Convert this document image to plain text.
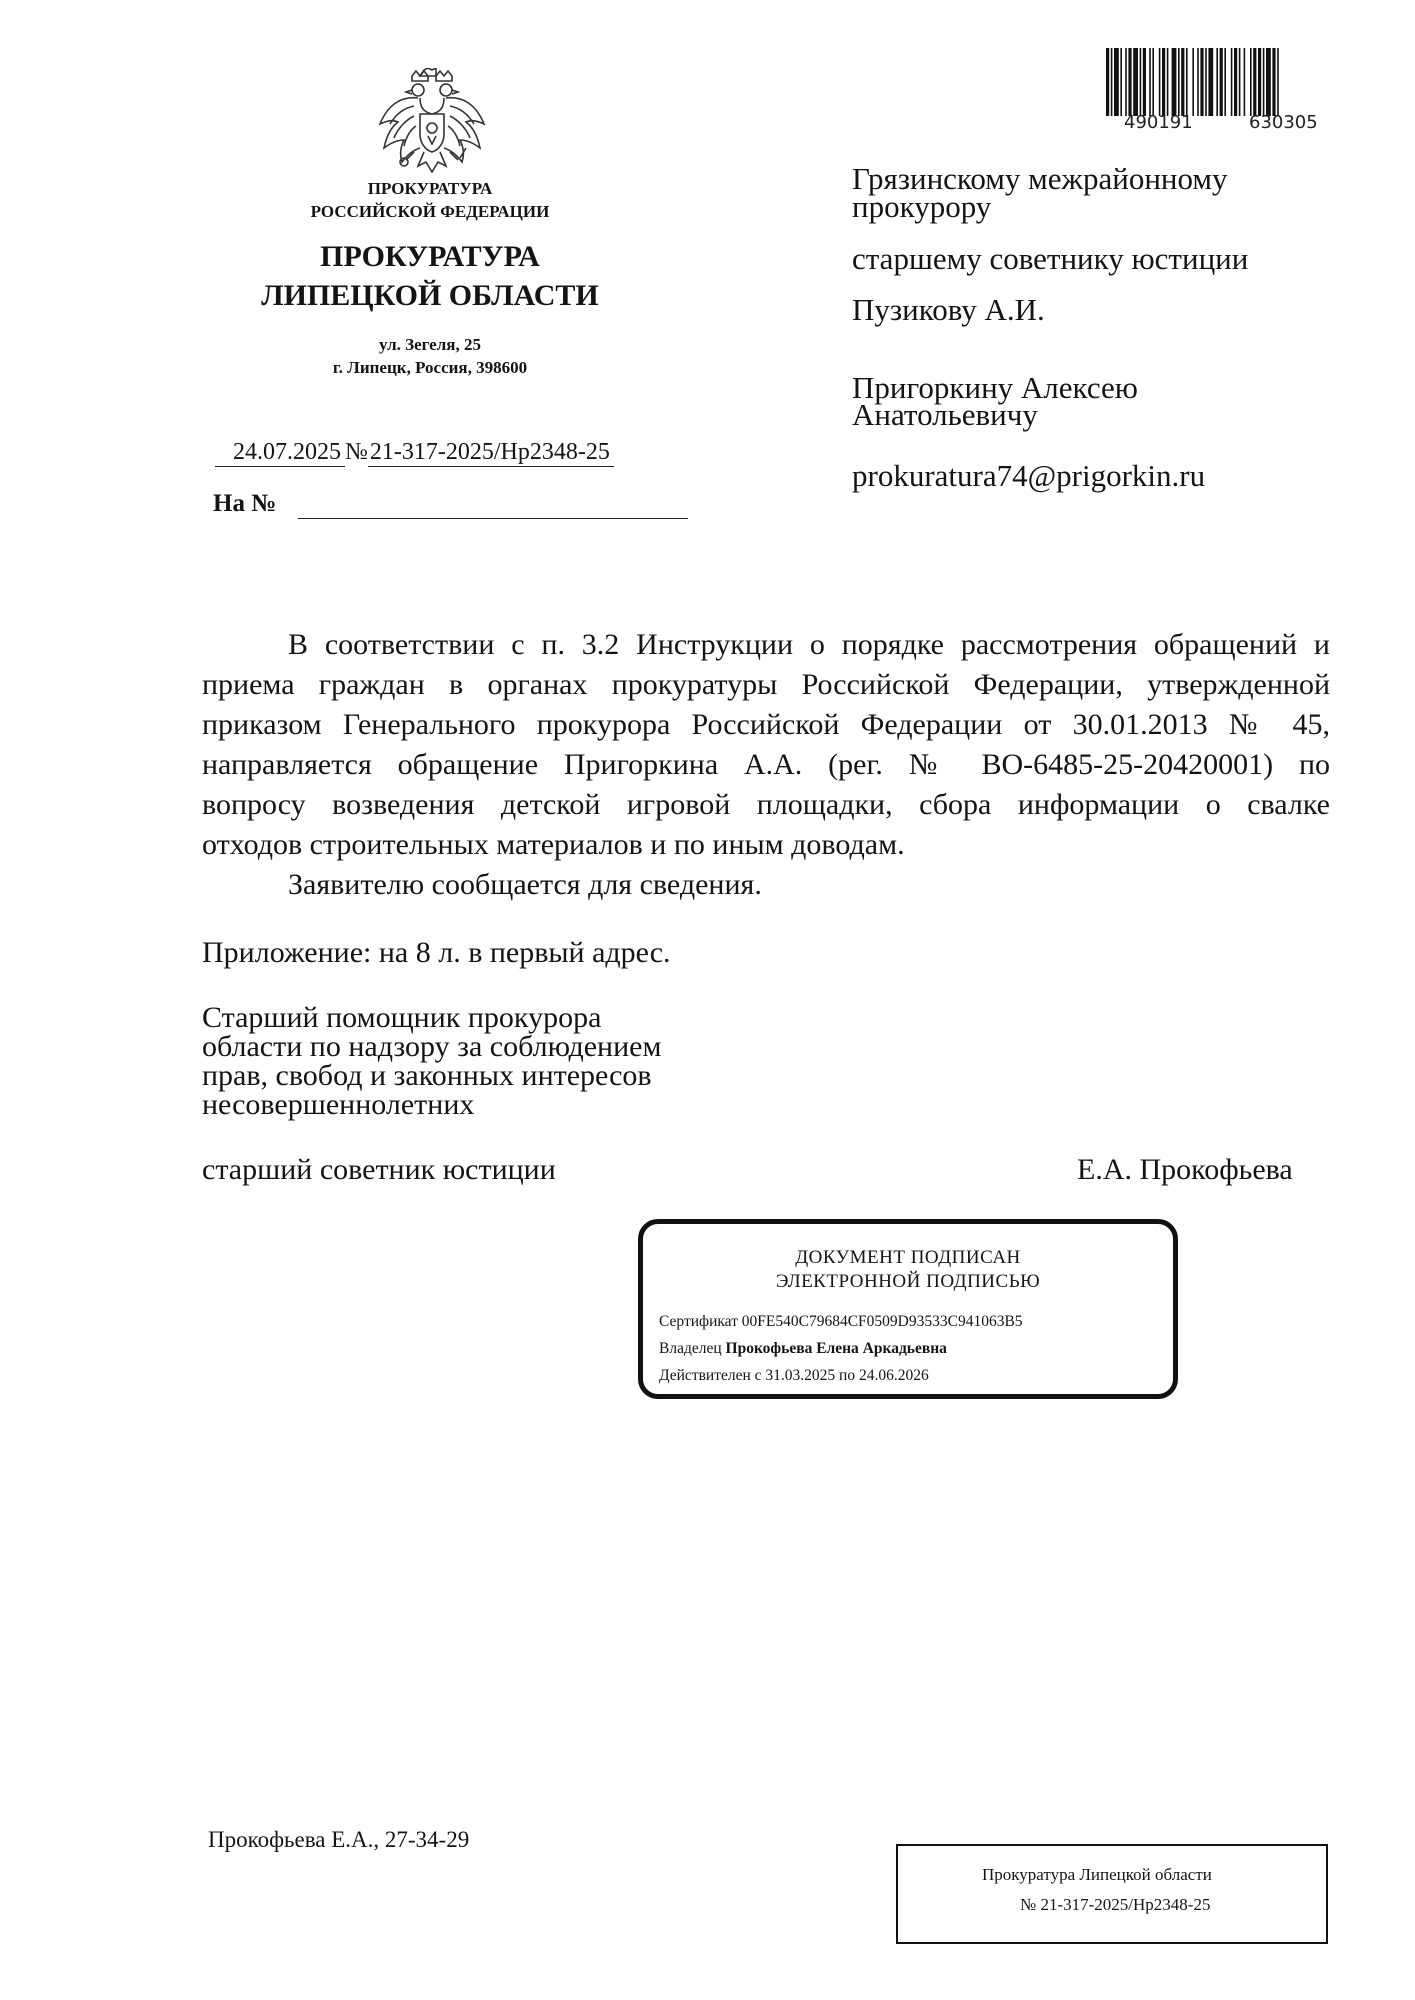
ПРОКУРАТУРА
РОССИЙСКОЙ ФЕДЕРАЦИИ
ПРОКУРАТУРА
ЛИПЕЦКОЙ ОБЛАСТИ
ул. Зегеля, 25
г. Липецк, Россия, 398600
24.07.2025 №21-317-2025/Нр2348-25
На №
490191	630305
Грязинскому межрайонному
прокурору
старшему советнику юстиции
Пузикову А.И.
Пригоркину Алексею
Анатольевичу
prokuratura74@prigorkin.ru
В соответствии с п. 3.2 Инструкции о порядке рассмотрения обращений и
приема граждан в органах прокуратуры Российской Федерации, утвержденной
приказом Генерального прокурора Российской Федерации от 30.01.2013 № 45,
направляется обращение Пригоркина А.А. (рег. № ВО-6485-25-20420001) по
вопросу возведения детской игровой площадки, сбора информации о свалке
отходов строительных материалов и по иным доводам.
Заявителю сообщается для сведения.
Приложение: на 8 л. в первый адрес.
Старший помощник прокурора
области по надзору за соблюдением
прав, свобод и законных интересов
несовершеннолетних
старший советник юстиции	Е.А. Прокофьева
ДОКУМЕНТ ПОДПИСАН
ЭЛЕКТРОННОЙ ПОДПИСЬЮ
Сертификат 00FE540C79684CF0509D93533C941063B5
Владелец Прокофьева Елена Аркадьевна
Действителен с 31.03.2025 по 24.06.2026
Прокофьева Е.А., 27-34-29
Прокуратура Липецкой области
№ 21-317-2025/Нр2348-25
